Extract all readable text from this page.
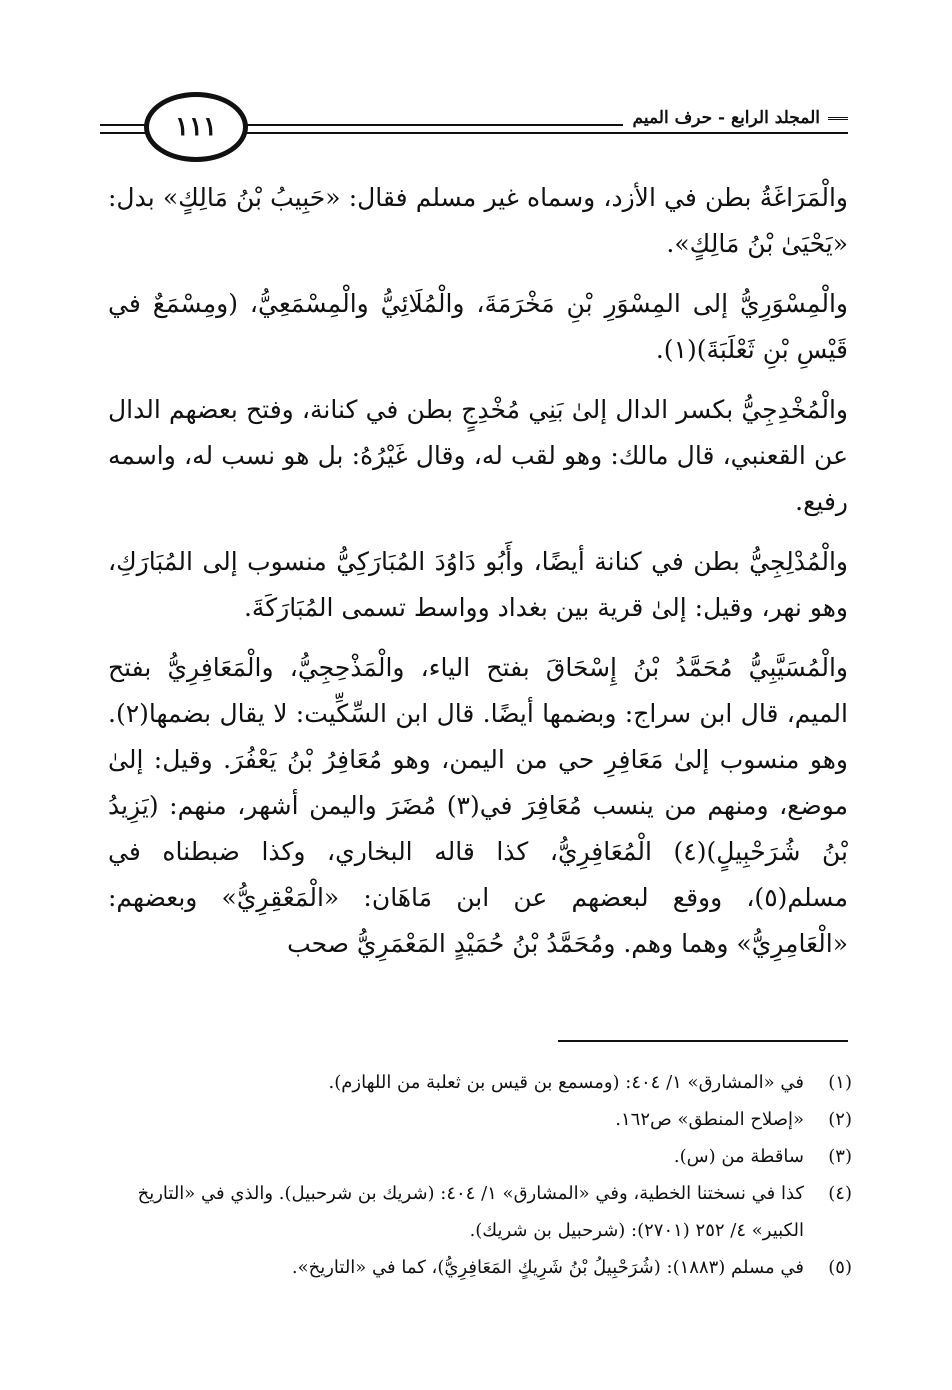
المجلد الرابع - حرف الميم
١١١

والْمَرَاغَةُ بطن في الأزد، وسماه غير مسلم فقال: «حَبِيبُ بْنُ مَالِكٍ» بدل: «يَحْيَىٰ بْنُ مَالِكٍ».

والْمِسْوَرِيُّ إلى المِسْوَرِ بْنِ مَخْرَمَةَ، والْمُلَائِيُّ والْمِسْمَعِيُّ، (ومِسْمَعٌ في قَيْسِ بْنِ ثَعْلَبَةَ)(١).

والْمُخْدِجِيُّ بكسر الدال إلىٰ بَنِي مُخْدِجٍ بطن في كنانة، وفتح بعضهم الدال عن القعنبي، قال مالك: وهو لقب له، وقال غَيْرُهُ: بل هو نسب له، واسمه رفيع.

والْمُدْلِجِيُّ بطن في كنانة أيضًا، وأَبُو دَاوُدَ المُبَارَكِيُّ منسوب إلى المُبَارَكِ، وهو نهر، وقيل: إلىٰ قرية بين بغداد وواسط تسمى المُبَارَكَةَ.

والْمُسَيَّبِيُّ مُحَمَّدُ بْنُ إِسْحَاقَ بفتح الياء، والْمَذْحِجِيُّ، والْمَعَافِرِيُّ بفتح الميم، قال ابن سراج: وبضمها أيضًا. قال ابن السِّكِّيت: لا يقال بضمها(٢). وهو منسوب إلىٰ مَعَافِرِ حي من اليمن، وهو مُعَافِرُ بْنُ يَعْفُرَ. وقيل: إلىٰ موضع، ومنهم من ينسب مُعَافِرَ في(٣) مُضَرَ واليمن أشهر، منهم: (يَزِيدُ بْنُ شُرَحْبِيلٍ)(٤) الْمُعَافِرِيُّ، كذا قاله البخاري، وكذا ضبطناه في مسلم(٥)، ووقع لبعضهم عن ابن مَاهَان: «الْمَعْقِرِيُّ» وبعضهم: «الْعَامِرِيُّ» وهما وهم. ومُحَمَّدُ بْنُ حُمَيْدٍ المَعْمَرِيُّ صحب

(١)
في «المشارق» ١/ ٤٠٤: (ومسمع بن قيس بن ثعلبة من اللهازم).
(٢)
«إصلاح المنطق» ص١٦٢.
(٣)
ساقطة من (س).
(٤)
كذا في نسختنا الخطية، وفي «المشارق» ١/ ٤٠٤: (شريك بن شرحبيل). والذي في «التاريخ الكبير» ٤/ ٢٥٢ (٢٧٠١): (شرحبيل بن شريك).
(٥)
في مسلم (١٨٨٣): (شُرَحْبِيلُ بْنُ شَرِيكٍ المَعَافِرِيُّ)، كما في «التاريخ».
